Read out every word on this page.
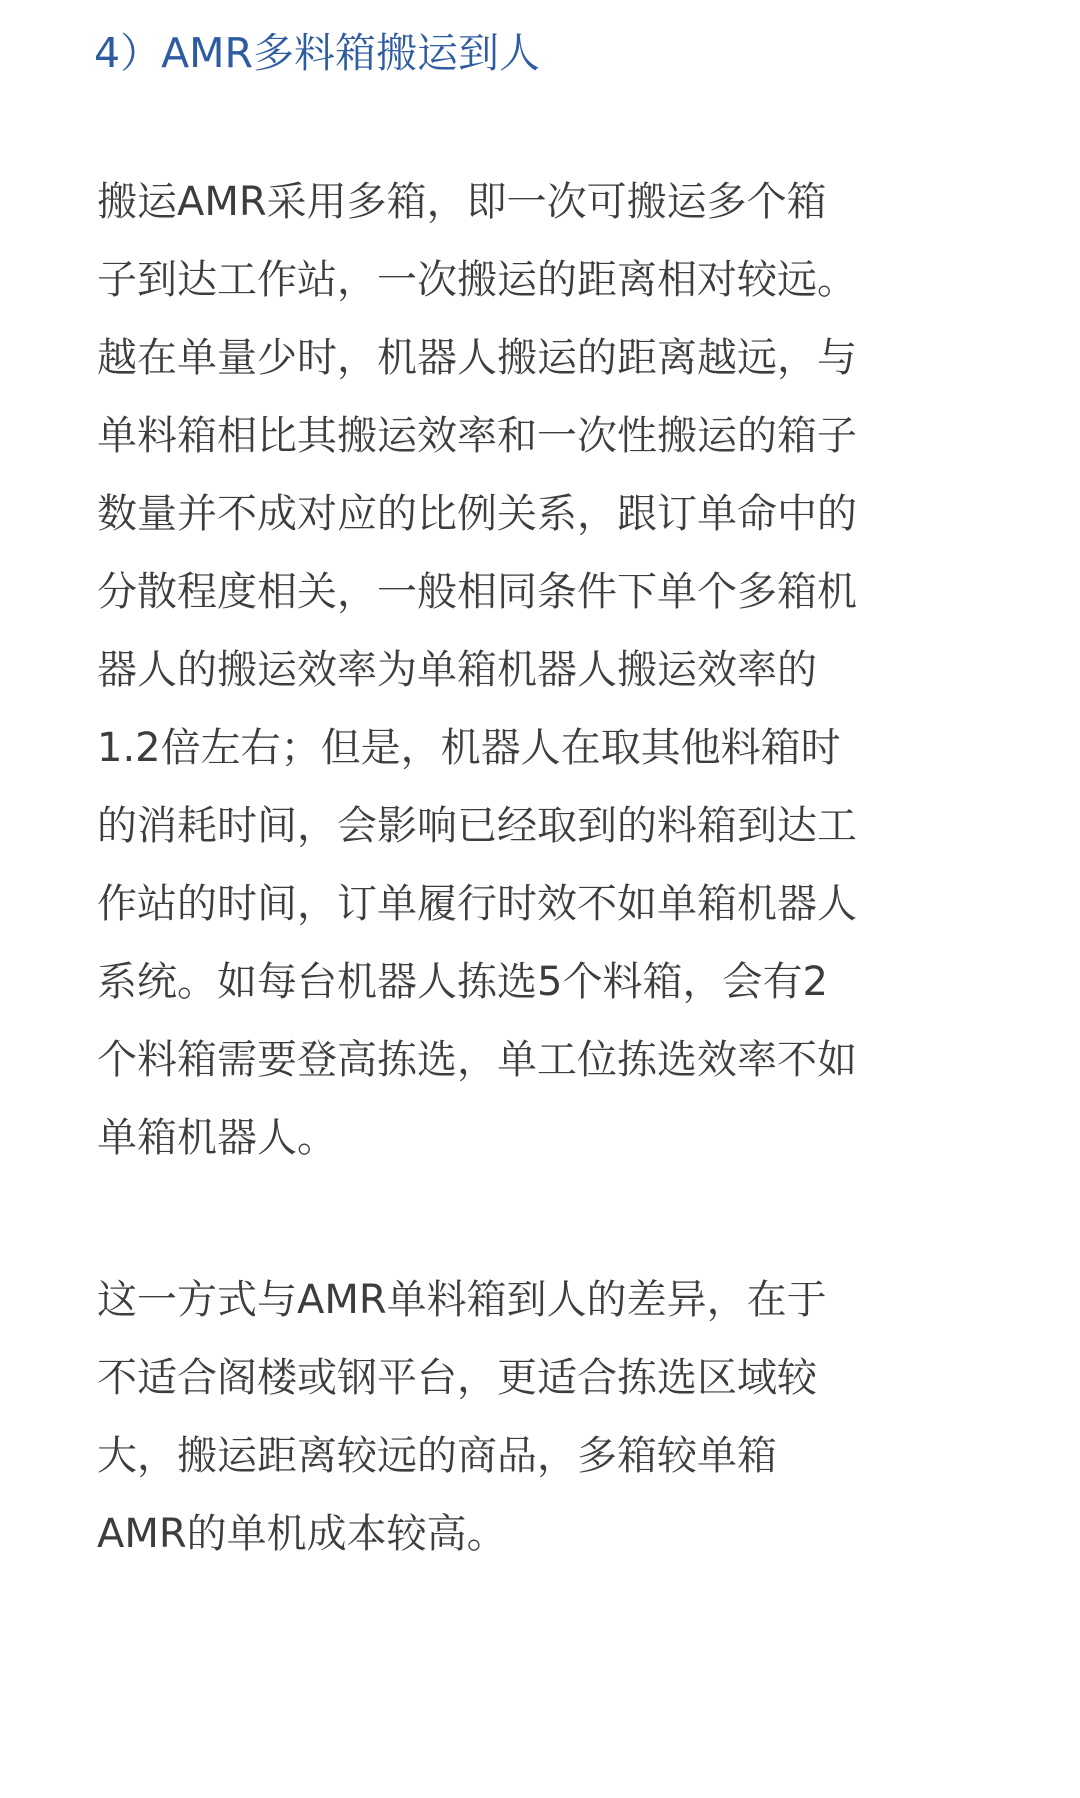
4）AMR多料箱搬运到人
搬运AMR采用多箱，即一次可搬运多个箱
子到达工作站，一次搬运的距离相对较远。
越在单量少时，机器人搬运的距离越远，与
单料箱相比其搬运效率和一次性搬运的箱子
数量并不成对应的比例关系，跟订单命中的
分散程度相关，一般相同条件下单个多箱机
器人的搬运效率为单箱机器人搬运效率的
1.2倍左右；但是，机器人在取其他料箱时
的消耗时间，会影响已经取到的料箱到达工
作站的时间，订单履行时效不如单箱机器人
系统。如每台机器人拣选5个料箱，会有2
个料箱需要登高拣选，单工位拣选效率不如
单箱机器人。
这一方式与AMR单料箱到人的差异，在于
不适合阁楼或钢平台，更适合拣选区域较
大，搬运距离较远的商品，多箱较单箱
AMR的单机成本较高。
